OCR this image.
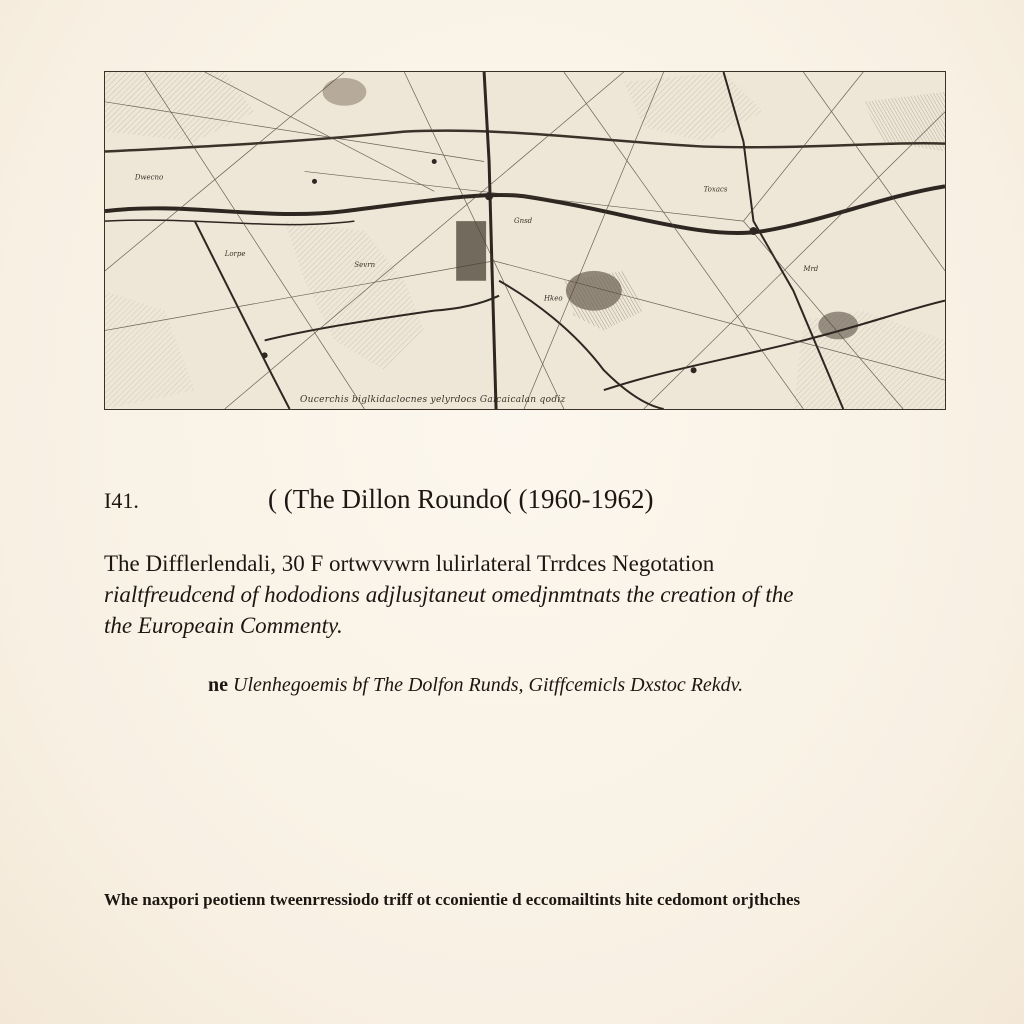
Dwecno
Sevrn
Gnsd
Toxacs
Mrd
Lorpe
Hkeo
Oucerchis biglkidaclocnes yelyrdocs Gaicaicalan qodiz
I41.	( (The Dillon Roundo( (1960-1962)
The Difflerlendali, 30 F ortwvvwrn lulirlateral Trrdces Negotation
rialtfreudcend of hododions adjlusjtaneut omedjnmtnats the creation of the
the Europeain Commenty.
ne Ulenhegoemis bf The Dolfon Runds, Gitffcemicls Dxstoc Rekdv.
Whe naxpori peotienn tweenrressiodo triff ot cconientie d eccomailtints hite cedomont orjthches
